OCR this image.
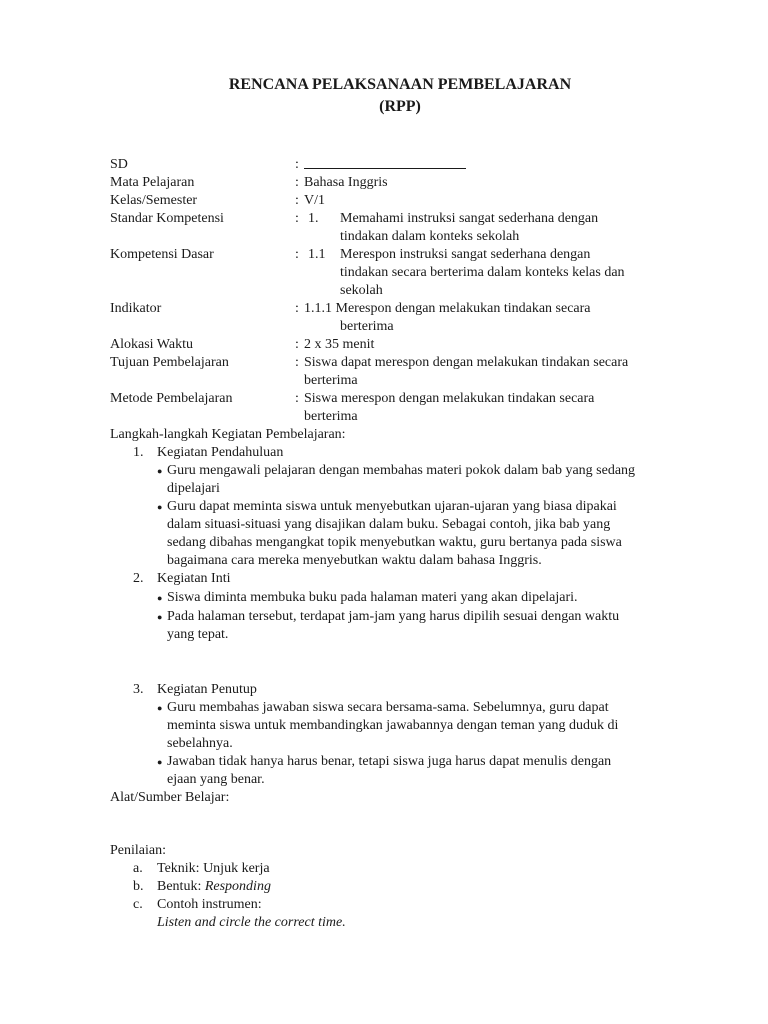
RENCANA PELAKSANAAN PEMBELAJARAN
(RPP)
SD	:
Mata Pelajaran	: Bahasa Inggris
Kelas/Semester	: V/1
Standar Kompetensi	: 1. Memahami instruksi sangat sederhana dengan
tindakan dalam konteks sekolah
Kompetensi Dasar	: 1.1 Merespon instruksi sangat sederhana dengan
tindakan secara berterima dalam konteks kelas dan
sekolah
Indikator	: 1.1.1 Merespon dengan melakukan tindakan secara
berterima
Alokasi Waktu	: 2 x 35 menit
Tujuan Pembelajaran	: Siswa dapat merespon dengan melakukan tindakan secara
berterima
Metode Pembelajaran	: Siswa merespon dengan melakukan tindakan secara
berterima
Langkah-langkah Kegiatan Pembelajaran:
1. Kegiatan Pendahuluan
● Guru mengawali pelajaran dengan membahas materi pokok dalam bab yang sedang
dipelajari
● Guru dapat meminta siswa untuk menyebutkan ujaran-ujaran yang biasa dipakai
dalam situasi-situasi yang disajikan dalam buku. Sebagai contoh, jika bab yang
sedang dibahas mengangkat topik menyebutkan waktu, guru bertanya pada siswa
bagaimana cara mereka menyebutkan waktu dalam bahasa Inggris.
2. Kegiatan Inti
● Siswa diminta membuka buku pada halaman materi yang akan dipelajari.
● Pada halaman tersebut, terdapat jam-jam yang harus dipilih sesuai dengan waktu
yang tepat.
3. Kegiatan Penutup
● Guru membahas jawaban siswa secara bersama-sama. Sebelumnya, guru dapat
meminta siswa untuk membandingkan jawabannya dengan teman yang duduk di
sebelahnya.
● Jawaban tidak hanya harus benar, tetapi siswa juga harus dapat menulis dengan
ejaan yang benar.
Alat/Sumber Belajar:
Penilaian:
a. Teknik: Unjuk kerja
b. Bentuk: Responding
c. Contoh instrumen:
Listen and circle the correct time.
